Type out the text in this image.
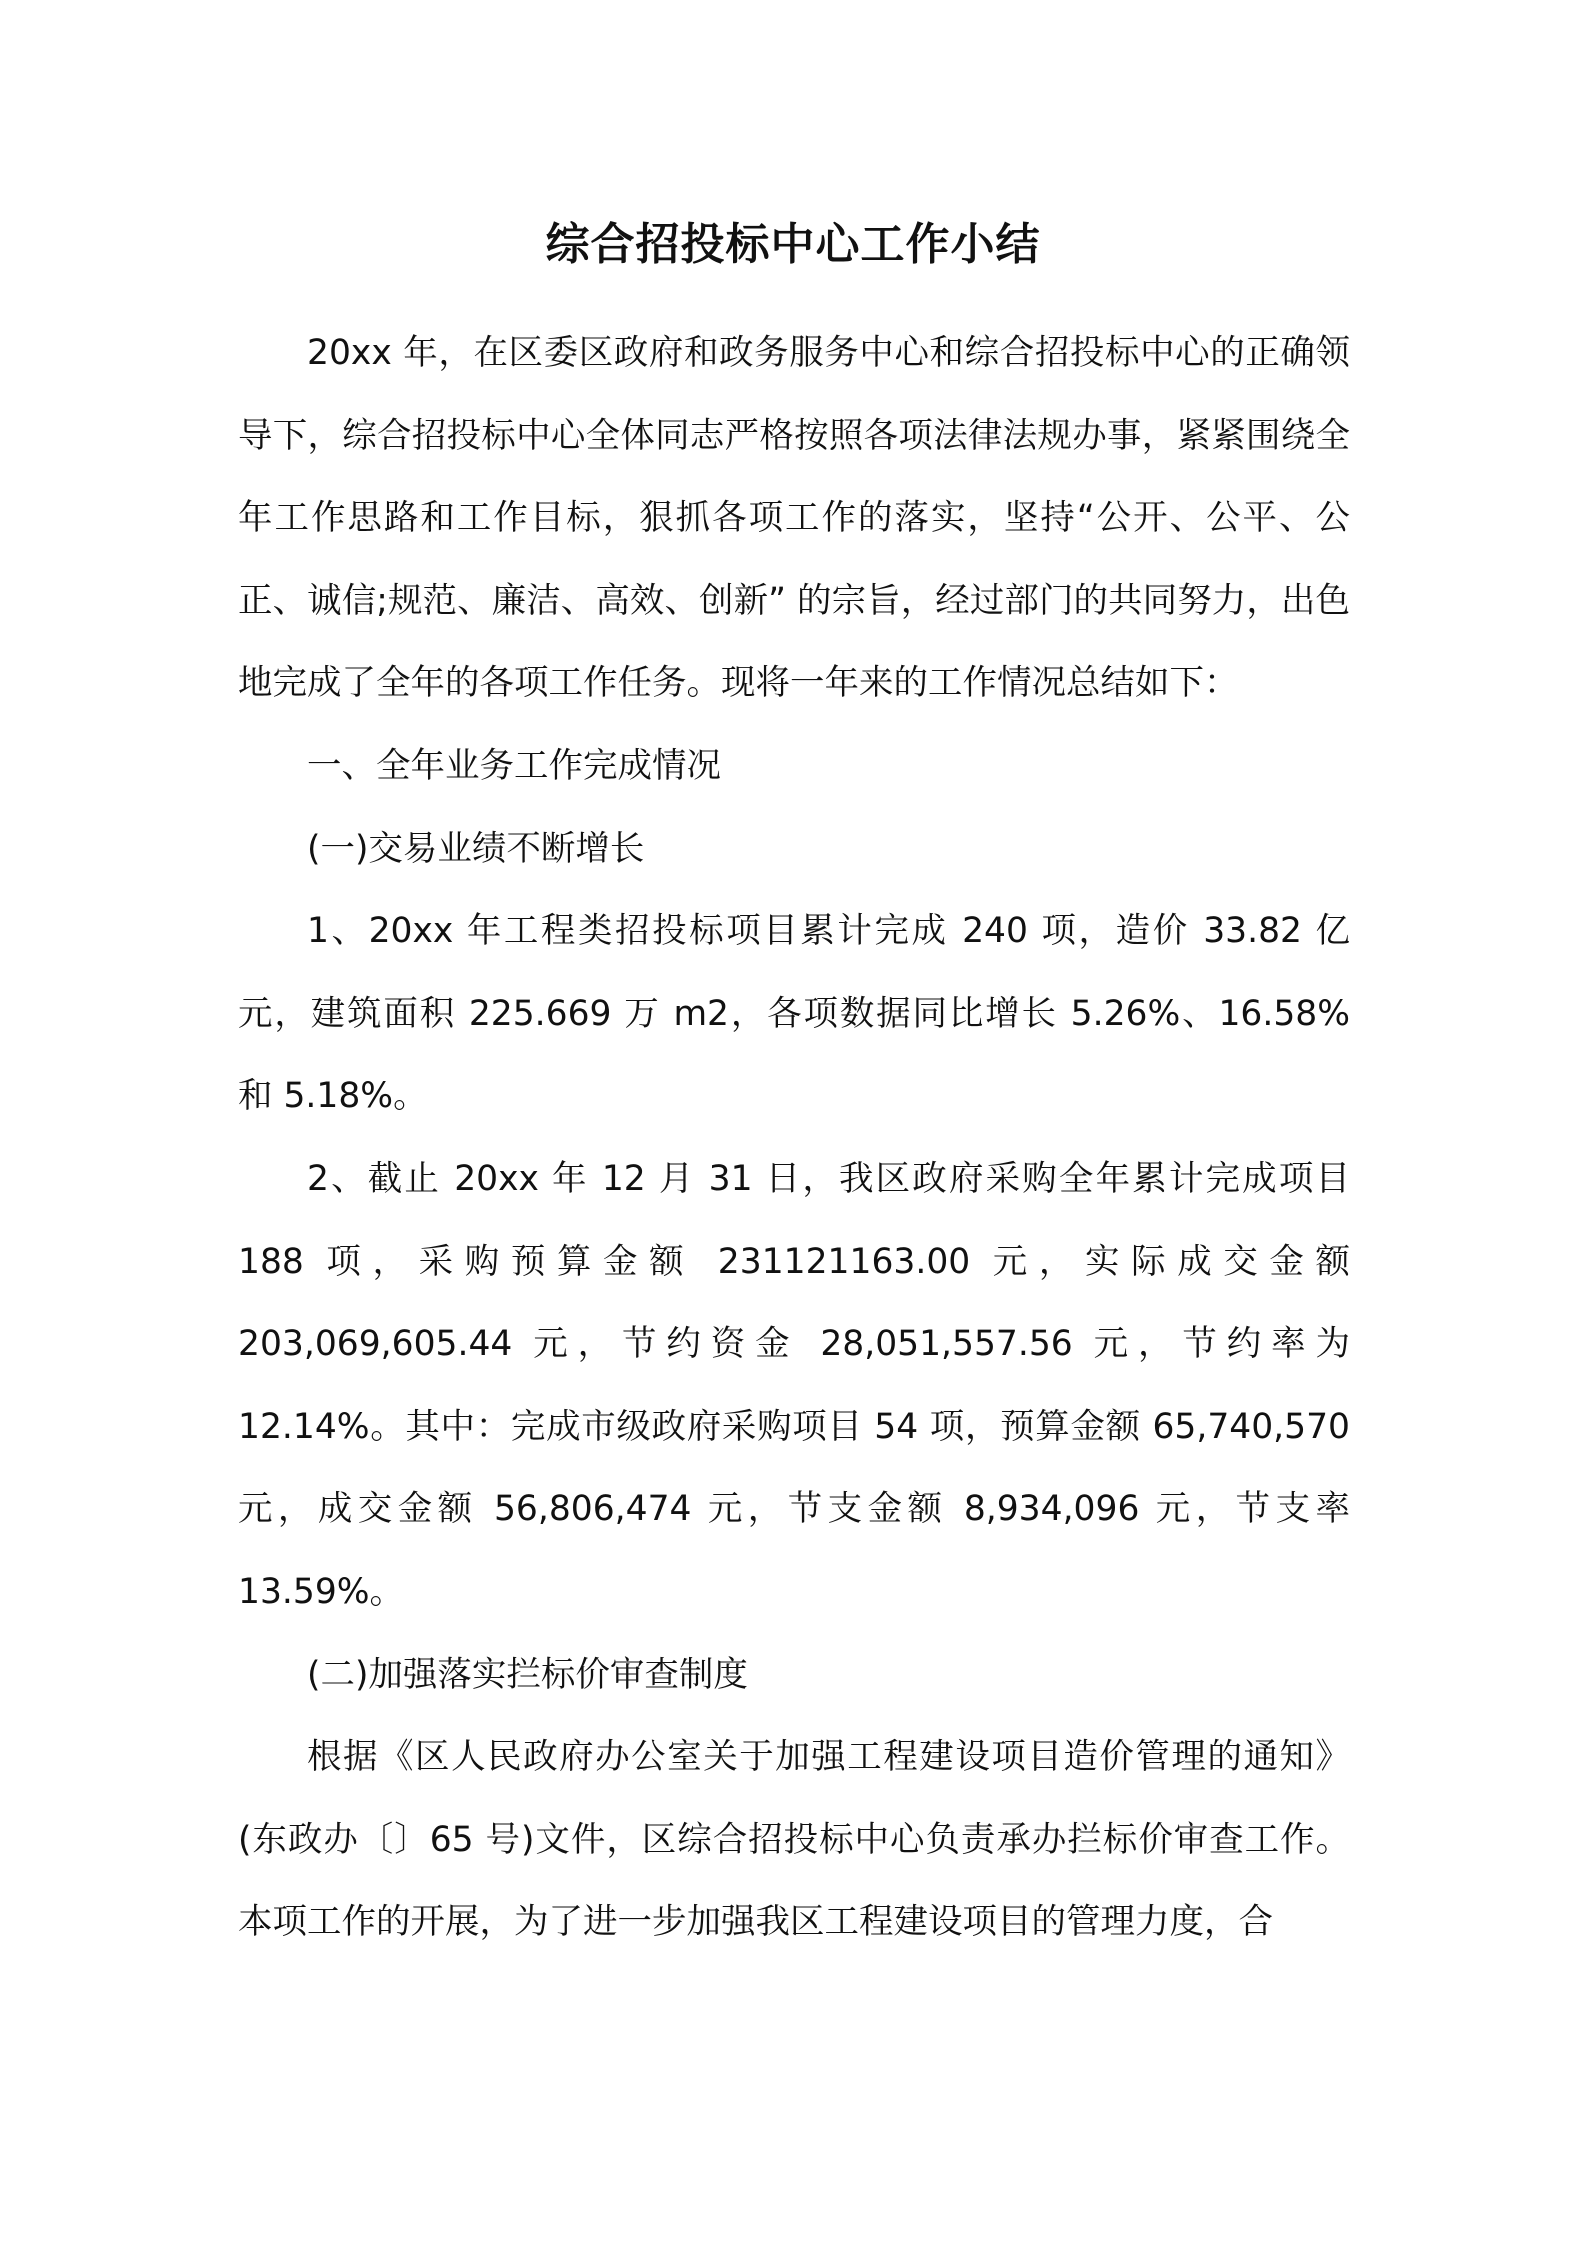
综合招投标中心工作小结

20xx 年，在区委区政府和政务服务中心和综合招投标中心的正确领导下，综合招投标中心全体同志严格按照各项法律法规办事，紧紧围绕全年工作思路和工作目标，狠抓各项工作的落实，坚持“公开、公平、公正、诚信;规范、廉洁、高效、创新” 的宗旨，经过部门的共同努力，出色地完成了全年的各项工作任务。现将一年来的工作情况总结如下：

一、全年业务工作完成情况

(一)交易业绩不断增长

1、20xx 年工程类招投标项目累计完成 240 项，造价 33.82 亿元，建筑面积 225.669 万 m2，各项数据同比增长 5.26%、16.58% 和 5.18%。

2、截止 20xx 年 12 月 31 日，我区政府采购全年累计完成项目 188 项，采购预算金额 231121163.00 元，实际成交金额 203,069,605.44 元，节约资金 28,051,557.56 元，节约率为 12.14%。其中：完成市级政府采购项目 54 项，预算金额 65,740,570 元，成交金额 56,806,474 元，节支金额 8,934,096 元，节支率 13.59%。

(二)加强落实拦标价审查制度

根据《区人民政府办公室关于加强工程建设项目造价管理的通知》(东政办〔〕65 号)文件，区综合招投标中心负责承办拦标价审查工作。本项工作的开展，为了进一步加强我区工程建设项目的管理力度，合
